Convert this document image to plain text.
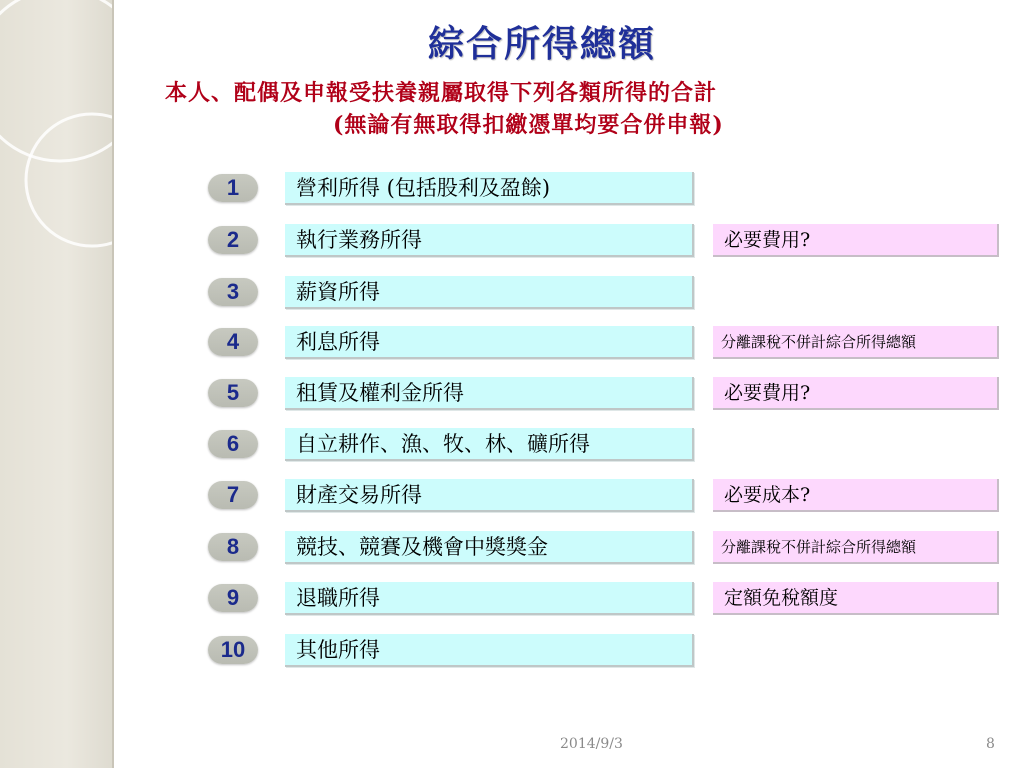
綜合所得總額
本人、配偶及申報受扶養親屬取得下列各類所得的合計
(無論有無取得扣繳憑單均要合併申報)
1	營利所得 (包括股利及盈餘)
2	執行業務所得	必要費用?
3	薪資所得
4	利息所得	分離課稅不併計綜合所得總額
5	租賃及權利金所得	必要費用?
6	自立耕作、漁、牧、林、礦所得
7	財產交易所得	必要成本?
8	競技、競賽及機會中獎獎金	分離課稅不併計綜合所得總額
9	退職所得	定額免稅額度
10	其他所得
2014/9/3	8
